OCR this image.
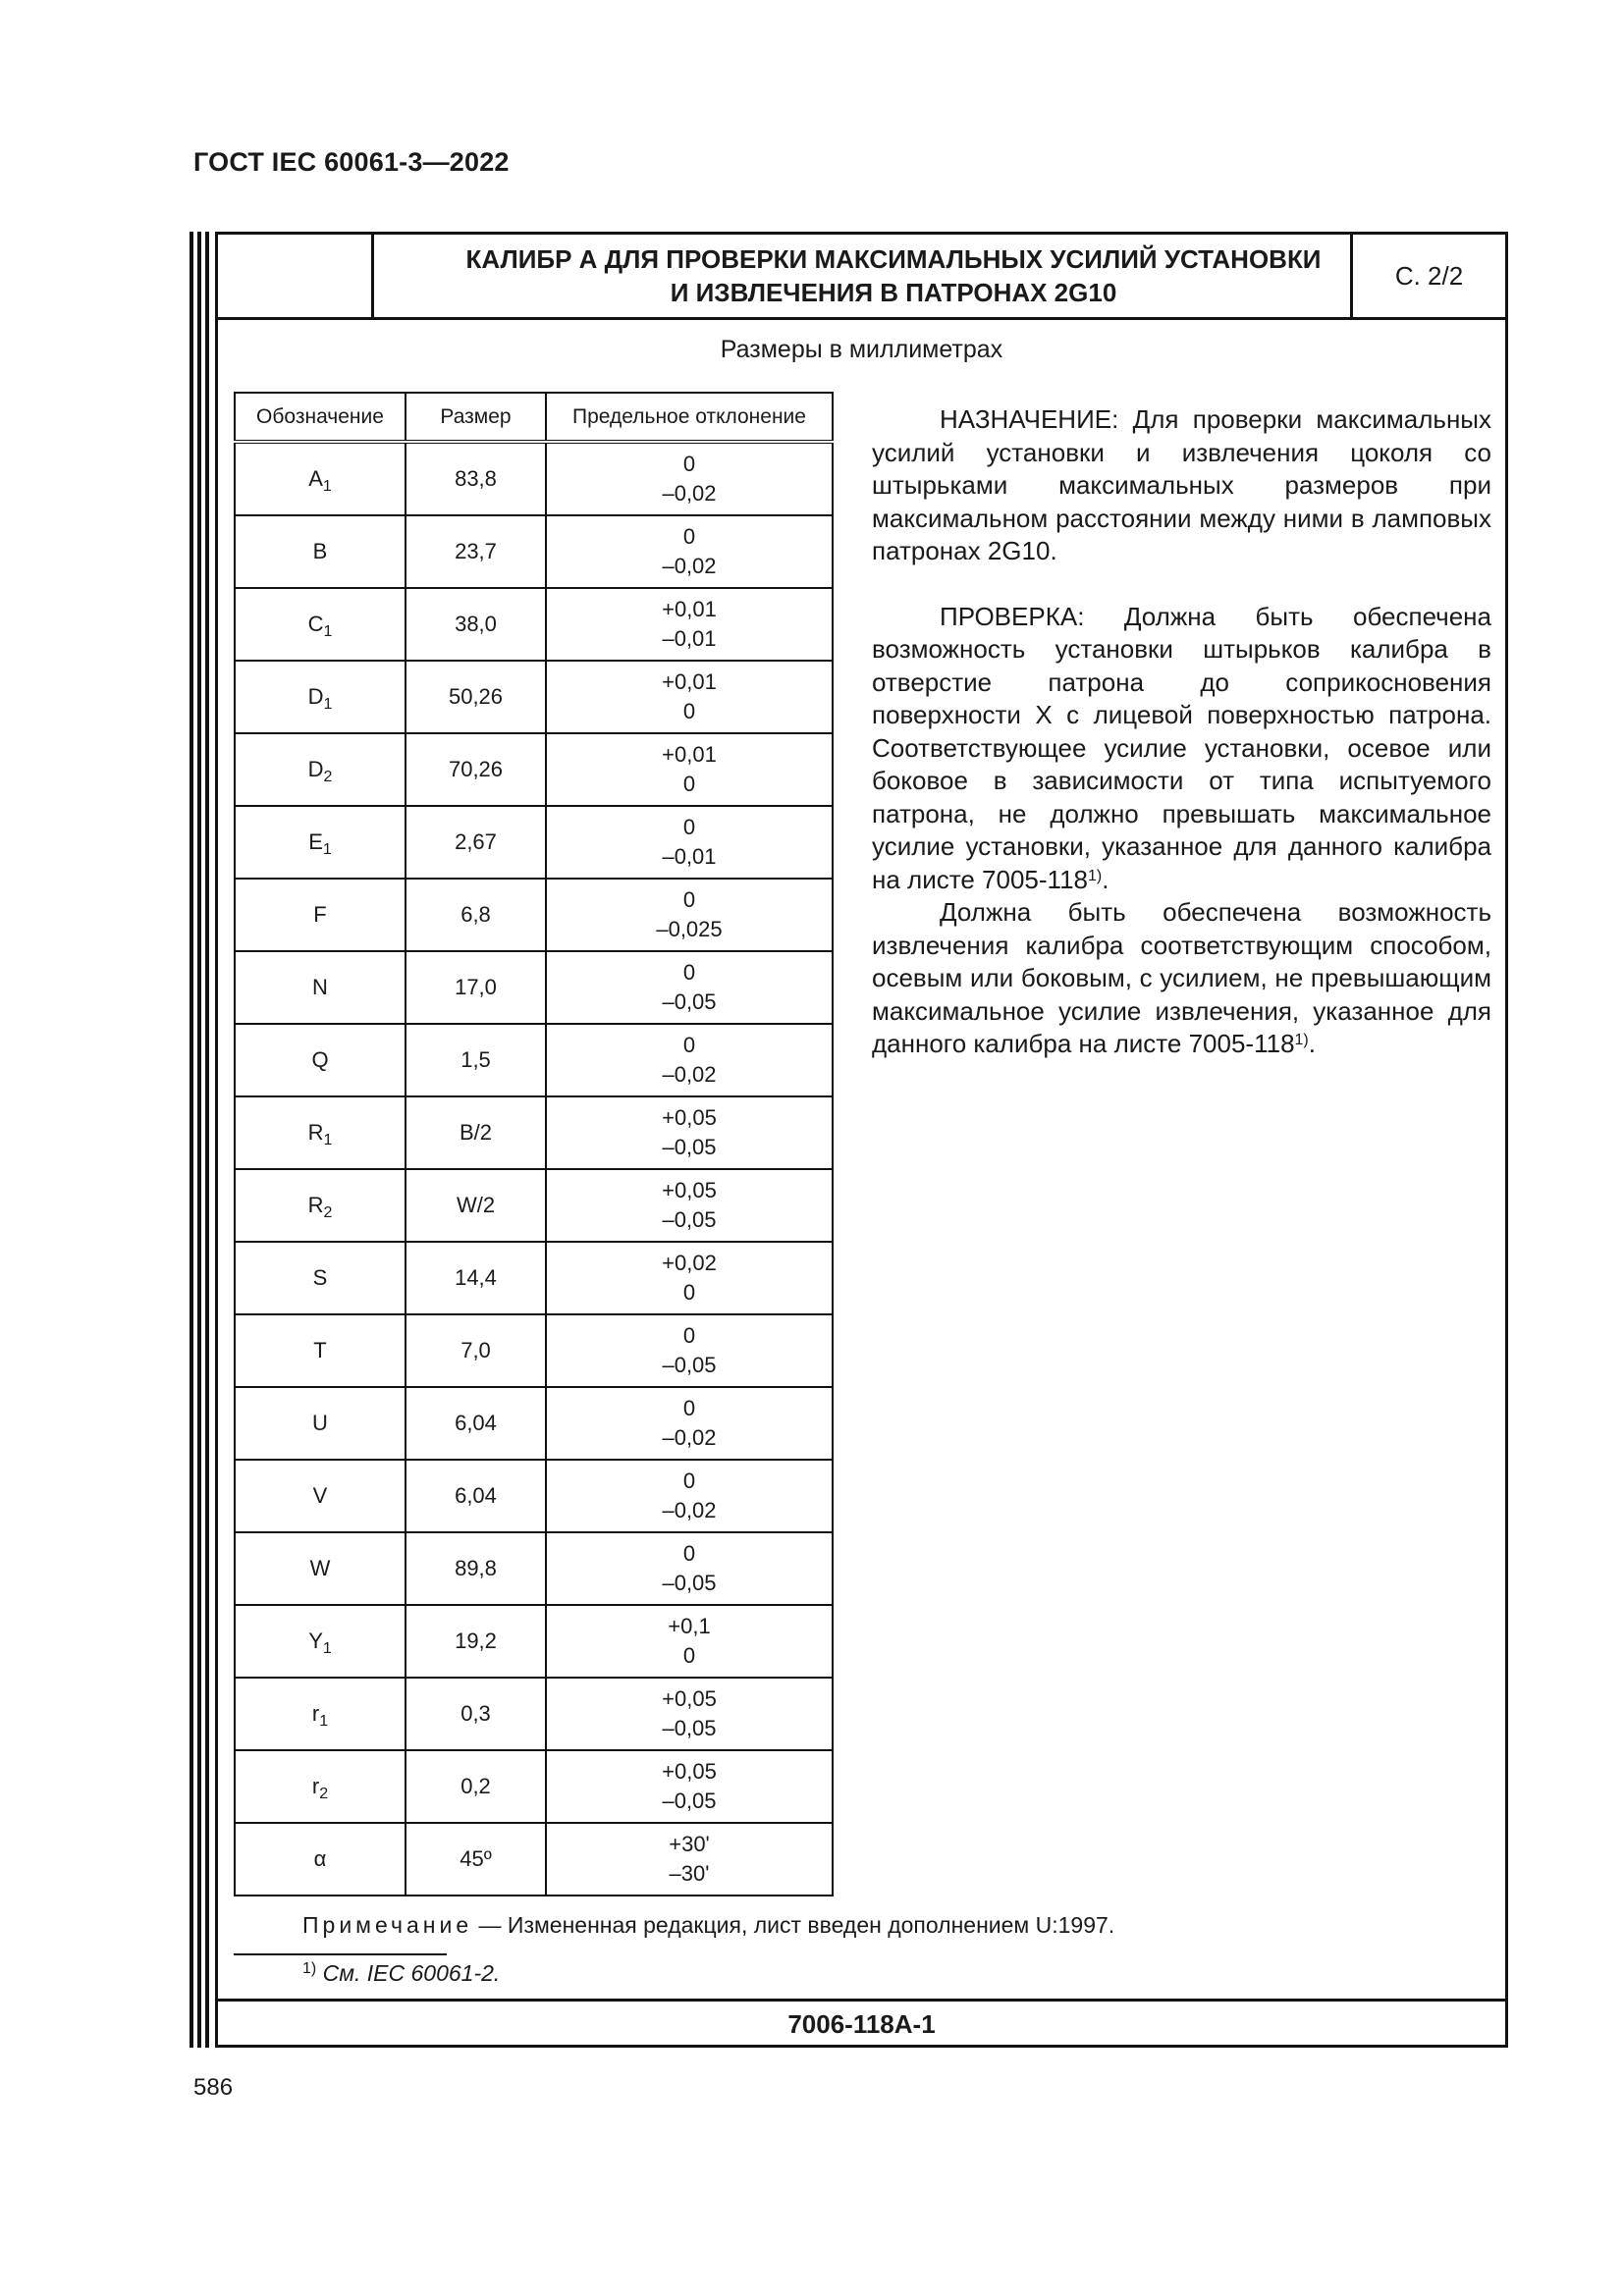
ГОСТ IEC 60061-3—2022
КАЛИБР А ДЛЯ ПРОВЕРКИ МАКСИМАЛЬНЫХ УСИЛИЙ УСТАНОВКИ
И ИЗВЛЕЧЕНИЯ В ПАТРОНАХ 2G10
С. 2/2
Размеры в миллиметрах
Обозначение	Размер	Предельное отклонение
$A_1$	83,8	0
–0,02

B	23,7	0
–0,02

$C_1$	38,0	+0,01
–0,01

$D_1$	50,26	+0,01
0

$D_2$	70,26	+0,01
0

$E_1$	2,67	0
–0,01

F	6,8	0
–0,025

N	17,0	0
–0,05

Q	1,5	0
–0,02

$R_1$	B/2	+0,05
–0,05

$R_2$	W/2	+0,05
–0,05

S	14,4	+0,02
0

T	7,0	0
–0,05

U	6,04	0
–0,02

V	6,04	0
–0,02

W	89,8	0
–0,05

$Y_1$	19,2	+0,1
0

$r_1$	0,3	+0,05
–0,05

$r_2$	0,2	+0,05
–0,05

α	45º	+30'
–30'

НАЗНАЧЕНИЕ: Для проверки максимальных усилий установки и извлечения цоколя со штырьками максимальных размеров при максимальном расстоянии между ними в ламповых патронах 2G10.

ПРОВЕРКА: Должна быть обеспечена возможность установки штырьков калибра в отверстие патрона до соприкосновения поверхности X с лицевой поверхностью патрона. Соответствующее усилие установки, осевое или боковое в зависимости от типа испытуемого патрона, не должно превышать максимальное усилие установки, указанное для данного калибра на листе 7005-118$^{1)}$.

Должна быть обеспечена возможность извлечения калибра соответствующим способом, осевым или боковым, с усилием, не превышающим максимальное усилие извлечения, указанное для данного калибра на листе 7005-118$^{1)}$.

Примечание — Измененная редакция, лист введен дополнением U:1997.
$^{1)}$ См. IEC 60061-2.
7006-118A-1
586
